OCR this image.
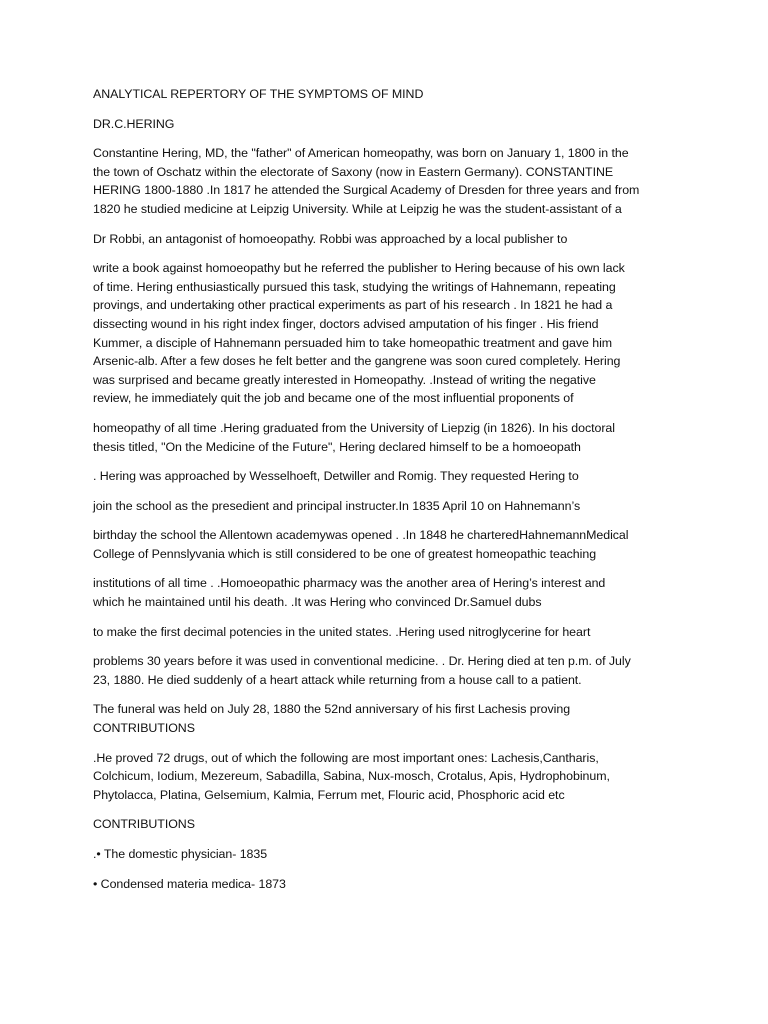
ANALYTICAL REPERTORY OF THE SYMPTOMS OF MIND

DR.C.HERING

Constantine Hering, MD, the "father" of American homeopathy, was born on January 1, 1800 in the
the town of Oschatz within the electorate of Saxony (now in Eastern Germany). CONSTANTINE
HERING 1800-1880 .In 1817 he attended the Surgical Academy of Dresden for three years and from
1820 he studied medicine at Leipzig University. While at Leipzig he was the student-assistant of a

Dr Robbi, an antagonist of homoeopathy. Robbi was approached by a local publisher to

write a book against homoeopathy but he referred the publisher to Hering because of his own lack
of time. Hering enthusiastically pursued this task, studying the writings of Hahnemann, repeating
provings, and undertaking other practical experiments as part of his research . In 1821 he had a
dissecting wound in his right index finger, doctors advised amputation of his finger . His friend
Kummer, a disciple of Hahnemann persuaded him to take homeopathic treatment and gave him
Arsenic-alb. After a few doses he felt better and the gangrene was soon cured completely. Hering
was surprised and became greatly interested in Homeopathy. .Instead of writing the negative
review, he immediately quit the job and became one of the most influential proponents of

homeopathy of all time .Hering graduated from the University of Liepzig (in 1826). In his doctoral
thesis titled, "On the Medicine of the Future", Hering declared himself to be a homoeopath

. Hering was approached by Wesselhoeft, Detwiller and Romig. They requested Hering to

join the school as the presedient and principal instructer.In 1835 April 10 on Hahnemann’s

birthday the school the Allentown academywas opened . .In 1848 he charteredHahnemannMedical
College of Pennslyvania which is still considered to be one of greatest homeopathic teaching

institutions of all time . .Homoeopathic pharmacy was the another area of Hering’s interest and
which he maintained until his death. .It was Hering who convinced Dr.Samuel dubs

to make the first decimal potencies in the united states. .Hering used nitroglycerine for heart

problems 30 years before it was used in conventional medicine. . Dr. Hering died at ten p.m. of July
23, 1880. He died suddenly of a heart attack while returning from a house call to a patient.

The funeral was held on July 28, 1880 the 52nd anniversary of his first Lachesis proving
CONTRIBUTIONS

.He proved 72 drugs, out of which the following are most important ones: Lachesis,Cantharis,
Colchicum, Iodium, Mezereum, Sabadilla, Sabina, Nux-mosch, Crotalus, Apis, Hydrophobinum,
Phytolacca, Platina, Gelsemium, Kalmia, Ferrum met, Flouric acid, Phosphoric acid etc

CONTRIBUTIONS

.• The domestic physician- 1835

• Condensed materia medica- 1873
